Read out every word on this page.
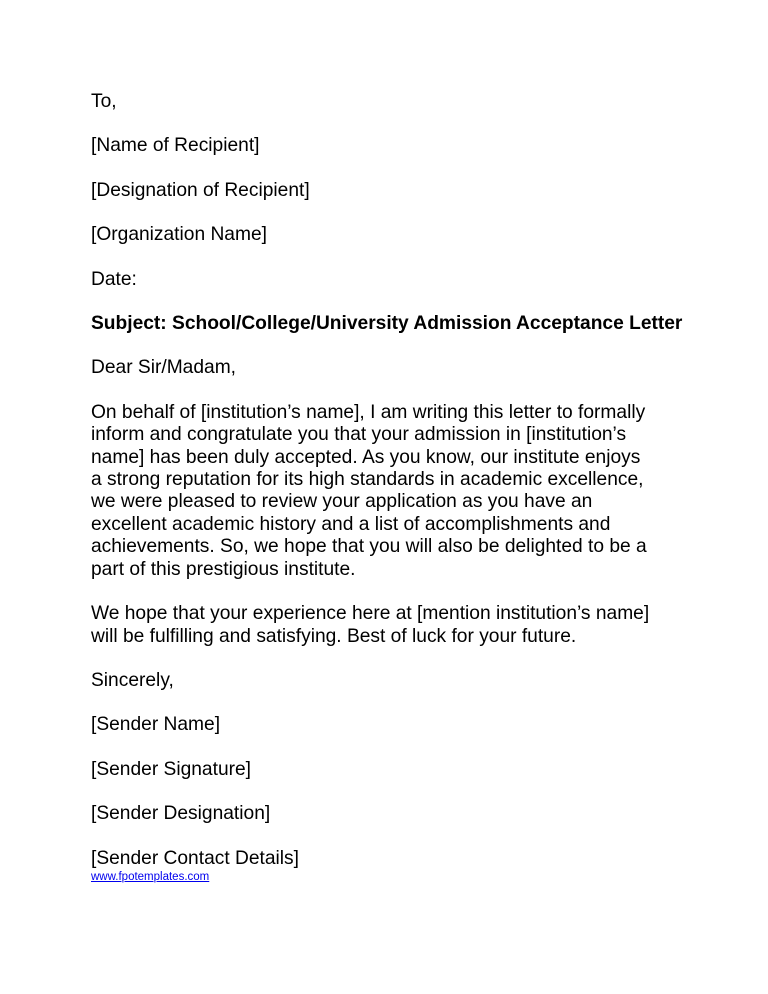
To,

[Name of Recipient]

[Designation of Recipient]

[Organization Name]

Date:

Subject: School/College/University Admission Acceptance Letter

Dear Sir/Madam,

On behalf of [institution’s name], I am writing this letter to formally
inform and congratulate you that your admission in [institution’s
name] has been duly accepted. As you know, our institute enjoys
a strong reputation for its high standards in academic excellence,
we were pleased to review your application as you have an
excellent academic history and a list of accomplishments and
achievements. So, we hope that you will also be delighted to be a
part of this prestigious institute.
We hope that your experience here at [mention institution’s name]
will be fulfilling and satisfying. Best of luck for your future.

Sincerely,

[Sender Name]

[Sender Signature]

[Sender Designation]

[Sender Contact Details]

www.fpotemplates.com
